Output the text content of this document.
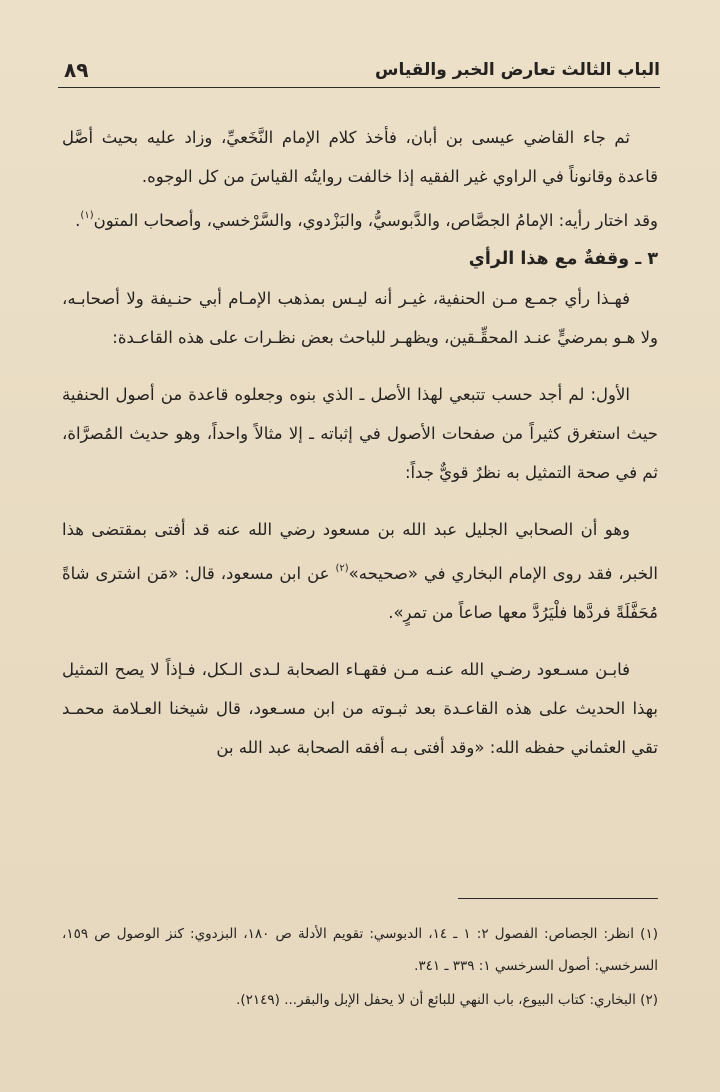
الباب الثالث تعارض الخبر والقياس
٨٩

ثم جاء القاضي عيسى بن أبان، فأخذ كلام الإمام النَّخَعيِّ، وزاد عليه بحيث أصَّل قاعدة وقانوناً في الراوي غير الفقيه إذا خالفت روايتُه القياسَ من كل الوجوه.

وقد اختار رأيه: الإمامُ الجصَّاص، والدَّبوسيُّ، والبَزْدوي، والسَّرْخسي، وأصحاب المتون$^{(١)}$.

٣ ـ وقفةٌ مع هذا الرأي

فهـذا رأي جمـع مـن الحنفية، غيـر أنه ليـس بمذهب الإمـام أبي حنـيفة ولا أصحابـه، ولا هـو بمرضيٍّ عنـد المحقِّـقين، ويظهـر للباحث بعض نظـرات على هذه القاعـدة:

الأول: لم أجد حسب تتبعي لهذا الأصل ـ الذي بنوه وجعلوه قاعدة من أصول الحنفية حيث استغرق كثيراً من صفحات الأصول في إثباته ـ إلا مثالاً واحداً، وهو حديث المُصرَّاة، ثم في صحة التمثيل به نظرٌ قويٌّ جداً:

وهو أن الصحابي الجليل عبد الله بن مسعود رضي الله عنه قد أفتى بمقتضى هذا الخبر، فقد روى الإمام البخاري في «صحيحه»$^{(٢)}$ عن ابن مسعود، قال: «مَن اشترى شاةً مُحَفَّلَةً فردَّها فلْيَرُدَّ معها صاعاً من تمرٍ».

فابـن مسـعود رضـي الله عنـه مـن فقهـاء الصحابة لـدى الـكل، فـإذاً لا يصح التمثيل بهذا الحديث على هذه القاعـدة بعد ثبـوته من ابن مسـعود، قال شيخنا العـلامة محمـد تقي العثماني حفظه الله: «وقد أفتى بـه أفقه الصحابة عبد الله بن

(١) انظر: الجصاص: الفصول ٢: ١ ـ ١٤، الدبوسي: تقويم الأدلة ص ١٨٠، البزدوي: كنز الوصول ص ١٥٩، السرخسي: أصول السرخسي ١: ٣٣٩ ـ ٣٤١.

(٢) البخاري: كتاب البيوع، باب النهي للبائع أن لا يحفل الإبل والبقر... (٢١٤٩).
